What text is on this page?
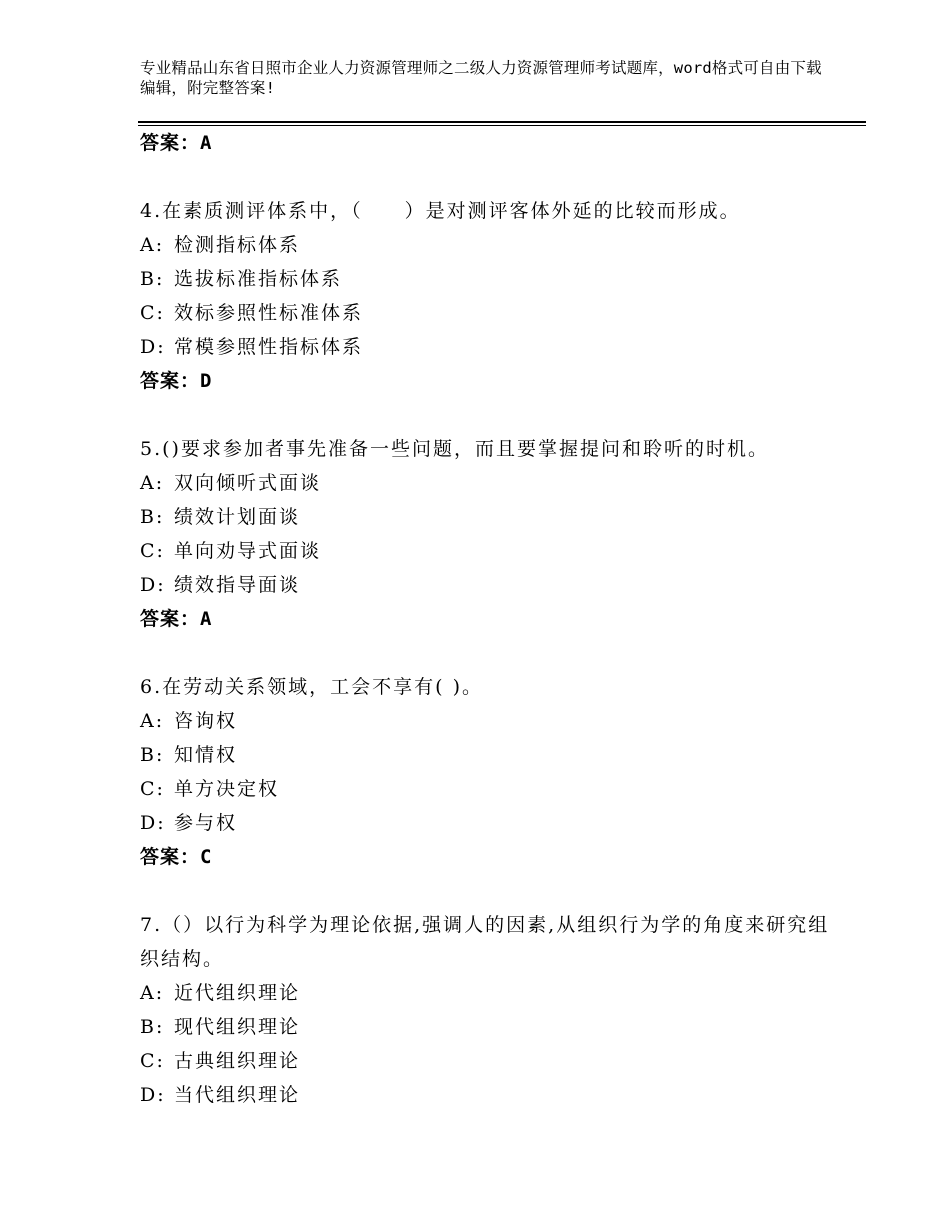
专业精品山东省日照市企业人力资源管理师之二级人力资源管理师考试题库，word格式可自由下载编辑，附完整答案!
答案：A
4.在素质测评体系中，（　　）是对测评客体外延的比较而形成。
A: 检测指标体系
B: 选拔标准指标体系
C: 效标参照性标准体系
D: 常模参照性指标体系
答案：D
5.()要求参加者事先准备一些问题，而且要掌握提问和聆听的时机。
A: 双向倾听式面谈
B: 绩效计划面谈
C: 单向劝导式面谈
D: 绩效指导面谈
答案：A
6.在劳动关系领域，工会不享有( )。
A: 咨询权
B: 知情权
C: 单方决定权
D: 参与权
答案：C
7.（）以行为科学为理论依据,强调人的因素,从组织行为学的角度来研究组织结构。
A: 近代组织理论
B: 现代组织理论
C: 古典组织理论
D: 当代组织理论
